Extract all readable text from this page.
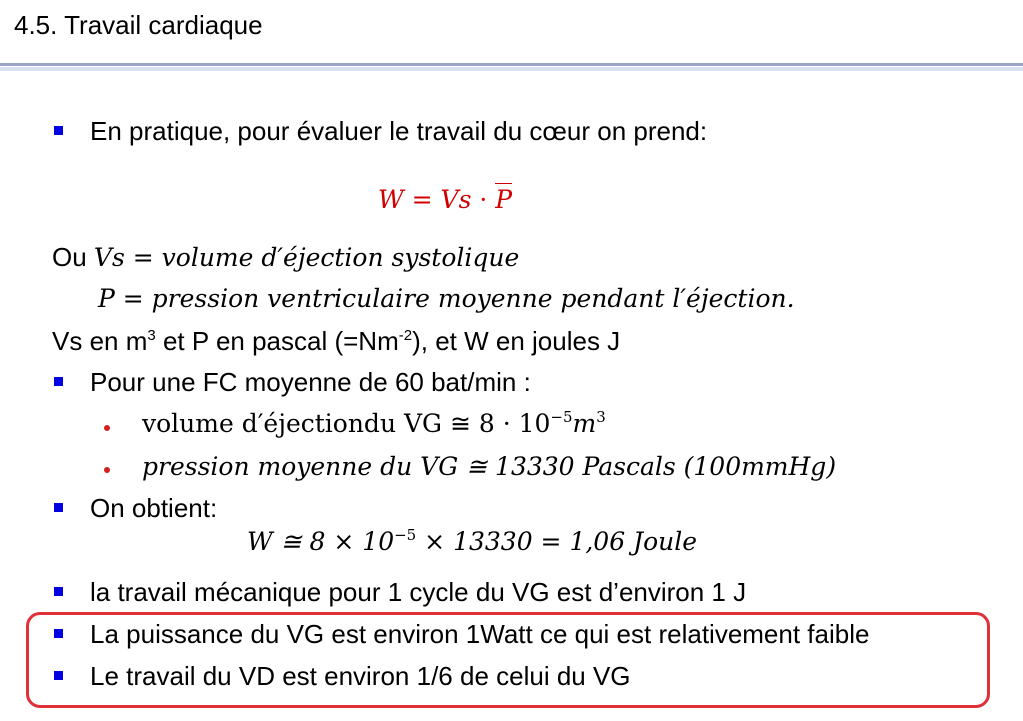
4.5. Travail cardiaque
En pratique, pour évaluer le travail du cœur on prend:
W = Vs · P
Ou Vs = volume d′éjection systolique
P = pression ventriculaire moyenne pendant l′éjection.
Vs en $m^3$ et P en pascal $(=Nm^{-2})$, et W en joules J
Pour une FC moyenne de 60 bat/min :
volume d′éjectiondu VG ≅ $8 \cdot 10^{-5}m^3$
pression moyenne du VG ≅ 13330 Pascals (100mmHg)
On obtient:
W ≅ $8 \times 10^{-5} \times 13330 = 1,06$ Joule
la travail mécanique pour 1 cycle du VG est d’environ 1 J
La puissance du VG est environ 1Watt ce qui est relativement faible
Le travail du VD est environ 1/6 de celui du VG
